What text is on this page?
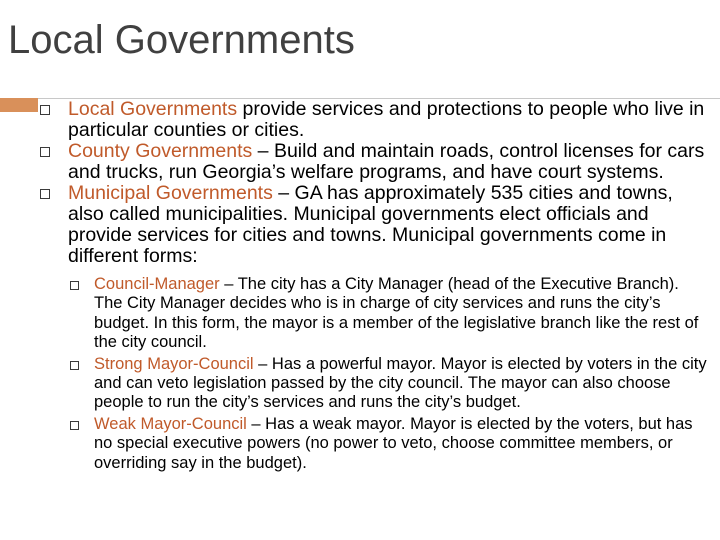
Local Governments
Local Governments provide services and protections to people who live in particular counties or cities.
County Governments – Build and maintain roads, control licenses for cars and trucks, run Georgia’s welfare programs, and have court systems.
Municipal Governments – GA has approximately 535 cities and towns, also called municipalities. Municipal governments elect officials and provide services for cities and towns. Municipal governments come in different forms:
Council-Manager – The city has a City Manager (head of the Executive Branch). The City Manager decides who is in charge of city services and runs the city’s budget. In this form, the mayor is a member of the legislative branch like the rest of the city council.
Strong Mayor-Council – Has a powerful mayor. Mayor is elected by voters in the city and can veto legislation passed by the city council. The mayor can also choose people to run the city’s services and runs the city’s budget.
Weak Mayor-Council – Has a weak mayor. Mayor is elected by the voters, but has no special executive powers (no power to veto, choose committee members, or overriding say in the budget).
